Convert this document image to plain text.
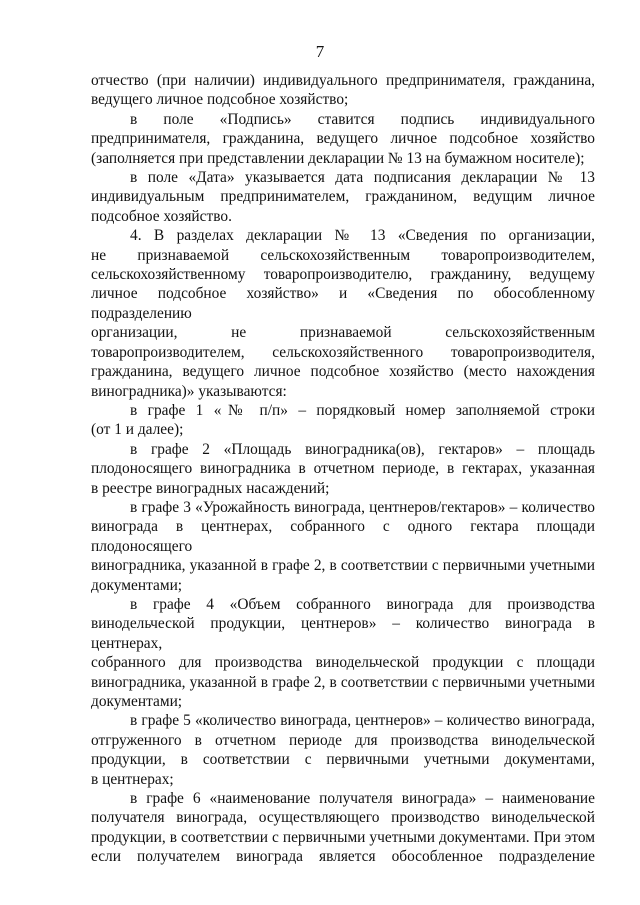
7

отчество (при наличии) индивидуального предпринимателя, гражданина,

ведущего личное подсобное хозяйство;

в поле «Подпись» ставится подпись индивидуального

предпринимателя, гражданина, ведущего личное подсобное хозяйство

(заполняется при представлении декларации № 13 на бумажном носителе);

в поле «Дата» указывается дата подписания декларации № 13

индивидуальным предпринимателем, гражданином, ведущим личное

подсобное хозяйство.

4. В разделах декларации № 13 «Сведения по организации,

не признаваемой сельскохозяйственным товаропроизводителем,

сельскохозяйственному товаропроизводителю, гражданину, ведущему

личное подсобное хозяйство» и «Сведения по обособленному подразделению

организации, не признаваемой сельскохозяйственным

товаропроизводителем, сельскохозяйственного товаропроизводителя,

гражданина, ведущего личное подсобное хозяйство (место нахождения

виноградника)» указываются:

в графе 1 «№ п/п» – порядковый номер заполняемой строки

(от 1 и далее);

в графе 2 «Площадь виноградника(ов), гектаров» – площадь

плодоносящего виноградника в отчетном периоде, в гектарах, указанная

в реестре виноградных насаждений;

в графе 3 «Урожайность винограда, центнеров/гектаров» – количество

винограда в центнерах, собранного с одного гектара площади плодоносящего

виноградника, указанной в графе 2, в соответствии с первичными учетными

документами;

в графе 4 «Объем собранного винограда для производства

винодельческой продукции, центнеров» – количество винограда в центнерах,

собранного для производства винодельческой продукции с площади

виноградника, указанной в графе 2, в соответствии с первичными учетными

документами;

в графе 5 «количество винограда, центнеров» – количество винограда,

отгруженного в отчетном периоде для производства винодельческой

продукции, в соответствии с первичными учетными документами,

в центнерах;

в графе 6 «наименование получателя винограда» – наименование

получателя винограда, осуществляющего производство винодельческой

продукции, в соответствии с первичными учетными документами. При этом

если получателем винограда является обособленное подразделение
